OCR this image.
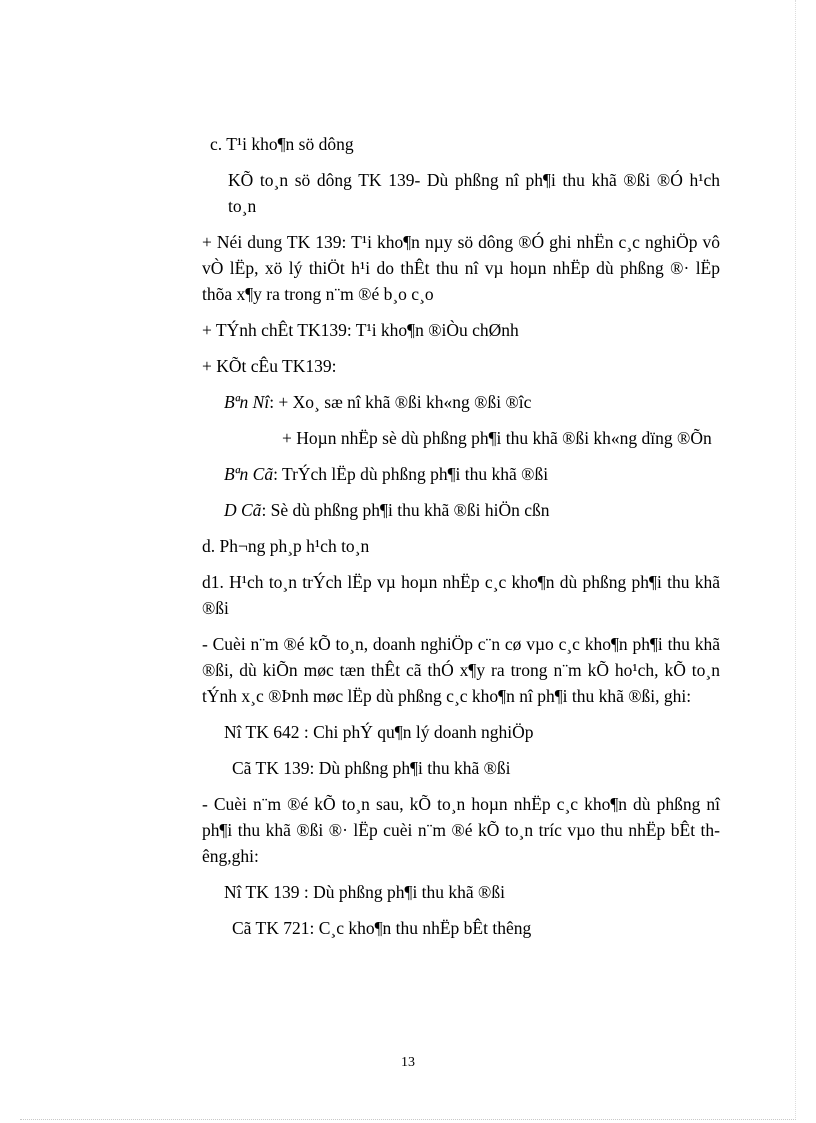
c. T¹i kho¶n sö dông

KÕ to¸n sö dông TK 139- Dù phßng nî ph¶i thu khã ®ßi ®Ó h¹ch to¸n

+ Néi dung TK 139: T¹i kho¶n nµy sö dông ®Ó ghi nhËn c¸c nghiÖp vô vÒ lËp, xö lý thiÖt h¹i do thÊt thu nî vµ hoµn nhËp dù phßng ®· lËp thõa x¶y ra trong n¨m ®é b¸o c¸o

+ TÝnh chÊt TK139: T¹i kho¶n ®iÒu chØnh

+ KÕt cÊu TK139:

Bªn Nî: + Xo¸ sæ nî khã ®ßi kh«ng ®ßi ®îc

+ Hoµn nhËp sè dù phßng ph¶i thu khã ®ßi kh«ng dïng ®Õn

Bªn Cã: TrÝch lËp dù phßng ph¶i thu khã ®ßi

D Cã: Sè dù phßng ph¶i thu khã ®ßi hiÖn cßn

d. Ph¬ng ph¸p h¹ch to¸n

d1. H¹ch to¸n trÝch lËp vµ hoµn nhËp c¸c kho¶n dù phßng ph¶i thu khã ®ßi

- Cuèi n¨m ®é kÕ to¸n, doanh nghiÖp c¨n cø vµo c¸c kho¶n ph¶i thu khã ®ßi, dù kiÕn møc tæn thÊt cã thÓ x¶y ra trong n¨m kÕ ho¹ch, kÕ to¸n tÝnh x¸c ®Þnh møc lËp dù phßng c¸c kho¶n nî ph¶i thu khã ®ßi, ghi:

Nî TK 642 : Chi phÝ qu¶n lý doanh nghiÖp

Cã TK 139: Dù phßng ph¶i thu khã ®ßi

- Cuèi n¨m ®é kÕ to¸n sau, kÕ to¸n hoµn nhËp c¸c kho¶n dù phßng nî ph¶i thu khã ®ßi ®· lËp cuèi n¨m ®é kÕ to¸n tríc vµo thu nhËp bÊt thêng,ghi:

Nî TK 139 : Dù phßng ph¶i thu khã ®ßi

Cã TK 721: C¸c kho¶n thu nhËp bÊt thêng

13
